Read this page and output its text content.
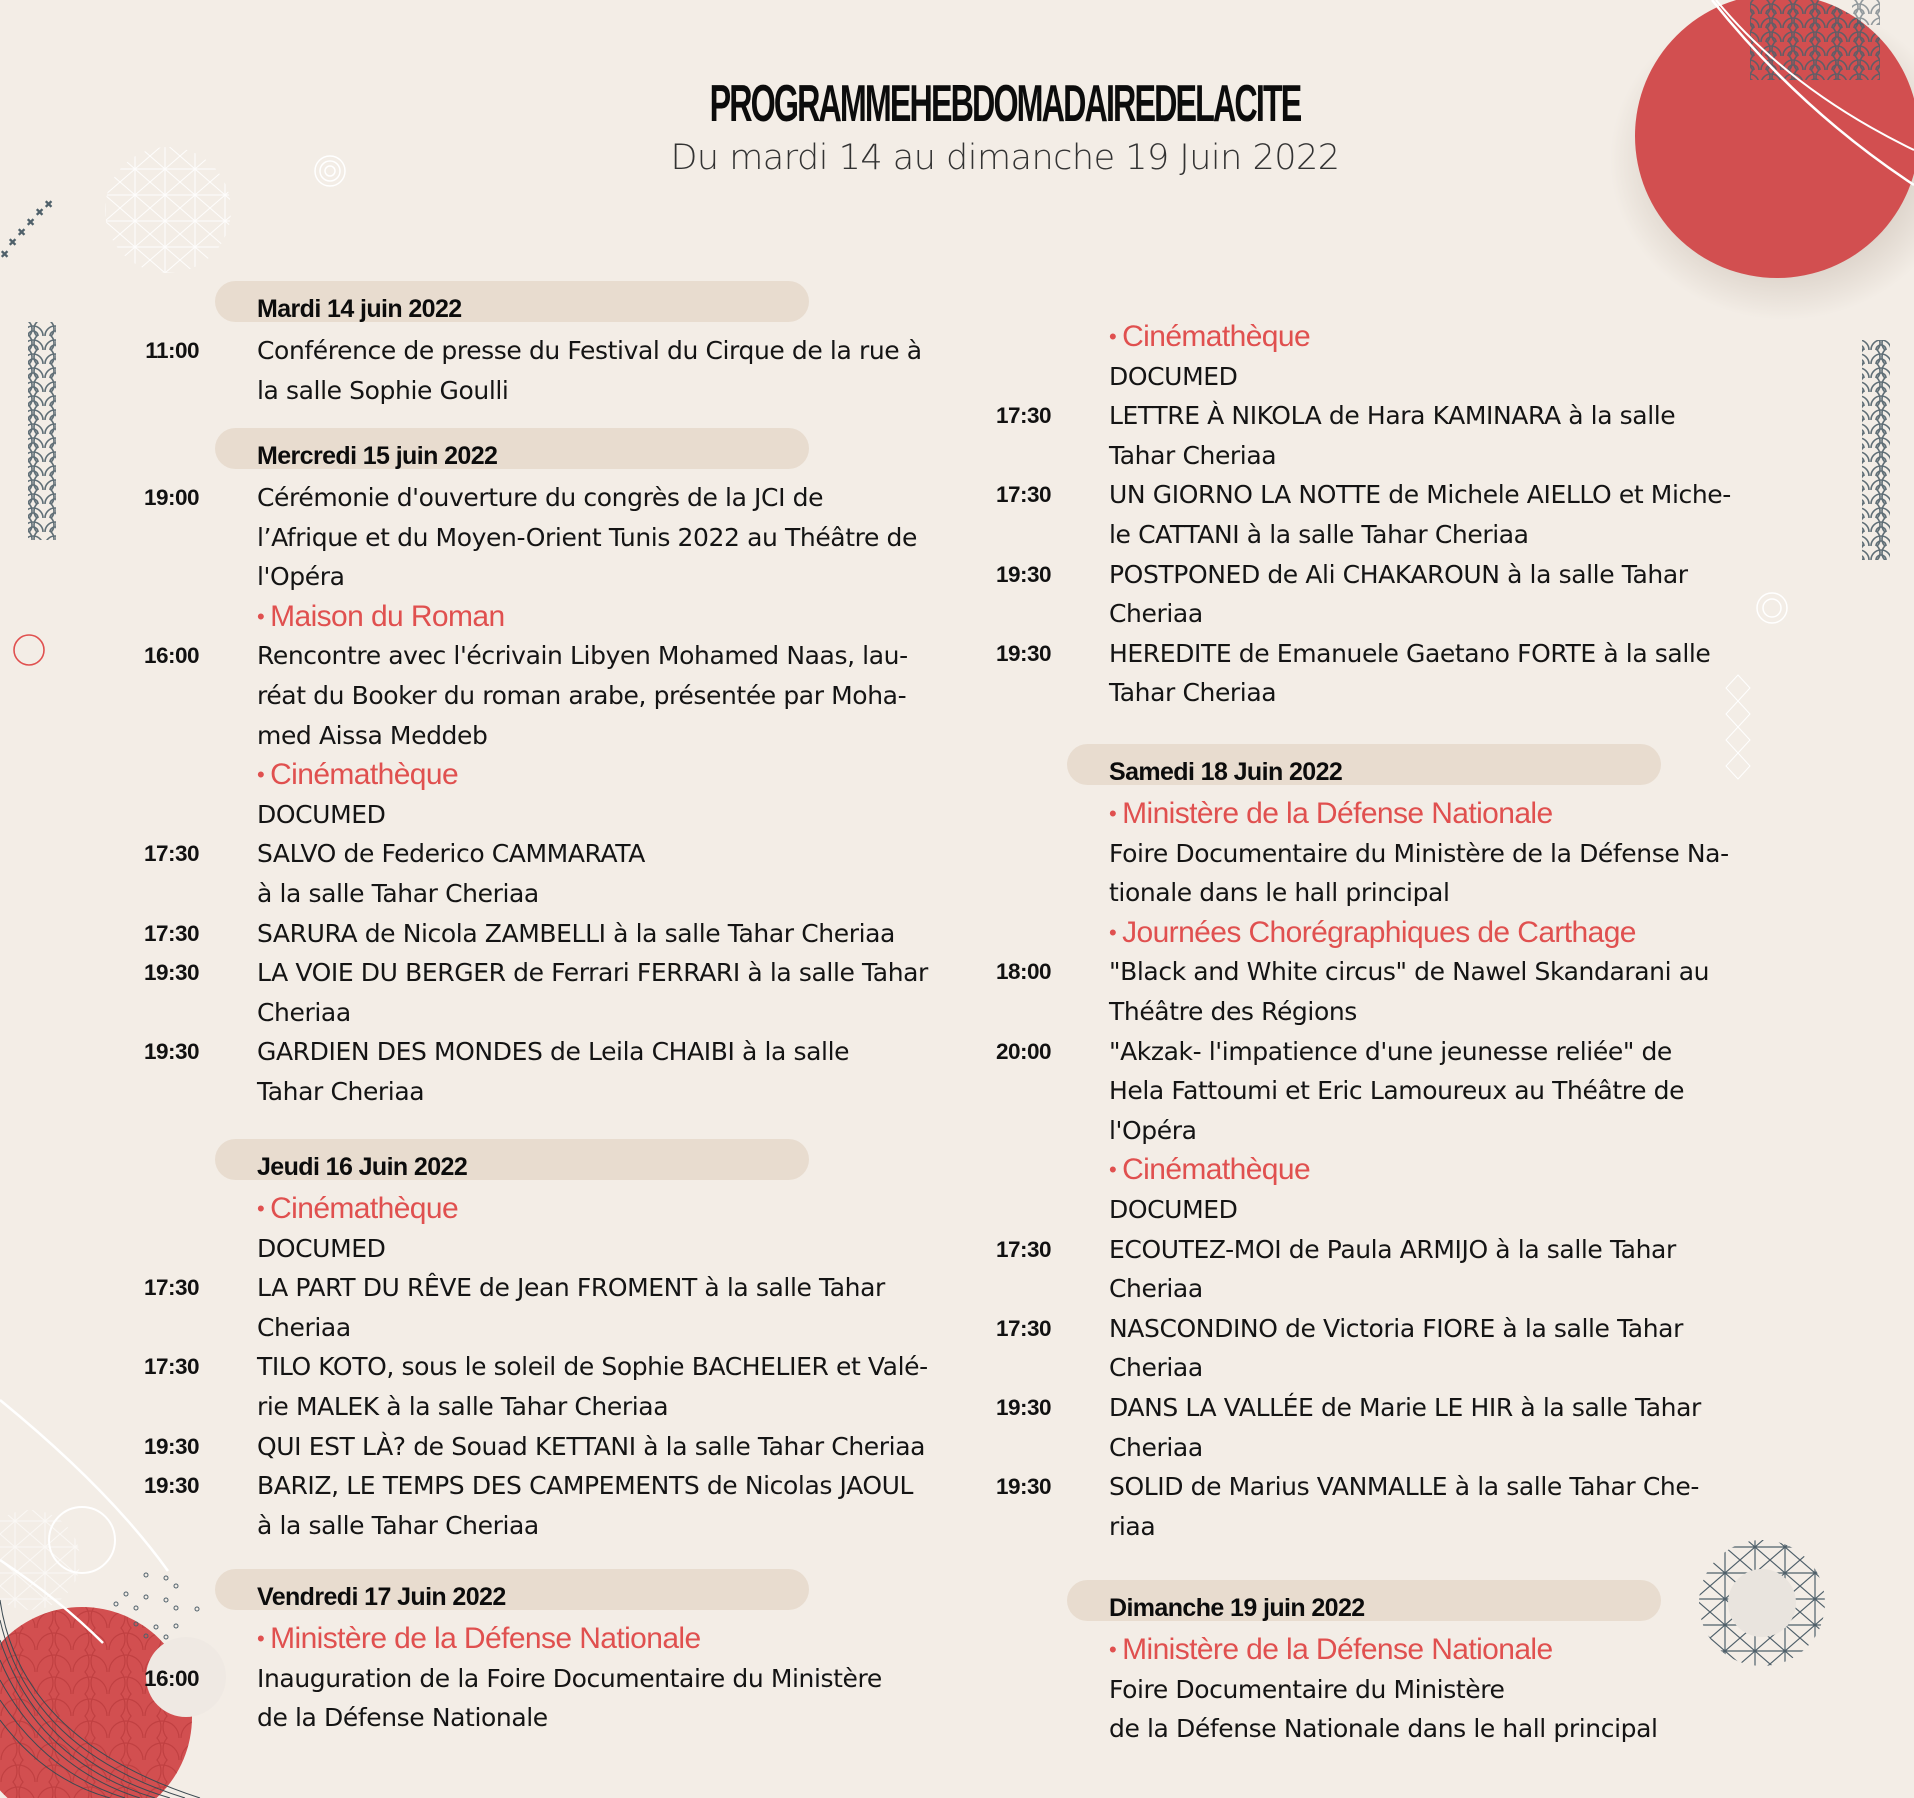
✖
✖
✖
✖
✖
✖
PROGRAMMEHEBDOMADAIREDELACITE
Du mardi 14 au dimanche 19 Juin 2022
Mardi 14 juin 2022
11:00 Conférence de presse du Festival du Cirque de la rue à
la salle Sophie Goulli
Mercredi 15 juin 2022
19:00 Cérémonie d'ouverture du congrès de la JCI de
l’Afrique et du Moyen-Orient Tunis 2022 au Théâtre de
l'Opéra
• Maison du Roman
16:00 Rencontre avec l'écrivain Libyen Mohamed Naas, lau-
réat du Booker du roman arabe, présentée par Moha-
med Aissa Meddeb
• Cinémathèque
DOCUMED
17:30 SALVO de Federico CAMMARATA
à la salle Tahar Cheriaa
17:30 SARURA de Nicola ZAMBELLI à la salle Tahar Cheriaa
19:30 LA VOIE DU BERGER de Ferrari FERRARI à la salle Tahar
Cheriaa
19:30 GARDIEN DES MONDES de Leila CHAIBI à la salle
Tahar Cheriaa
Jeudi 16 Juin 2022
• Cinémathèque
DOCUMED
17:30 LA PART DU RÊVE de Jean FROMENT à la salle Tahar
Cheriaa
17:30 TILO KOTO, sous le soleil de Sophie BACHELIER et Valé-
rie MALEK à la salle Tahar Cheriaa
19:30 QUI EST LÀ? de Souad KETTANI à la salle Tahar Cheriaa
19:30 BARIZ, LE TEMPS DES CAMPEMENTS de Nicolas JAOUL
à la salle Tahar Cheriaa
Vendredi 17 Juin 2022
• Ministère de la Défense Nationale
16:00 Inauguration de la Foire Documentaire du Ministère
de la Défense Nationale
• Cinémathèque
DOCUMED
17:30 LETTRE À NIKOLA de Hara KAMINARA à la salle
Tahar Cheriaa
17:30 UN GIORNO LA NOTTE de Michele AIELLO et Miche-
le CATTANI à la salle Tahar Cheriaa
19:30 POSTPONED de Ali CHAKAROUN à la salle Tahar
Cheriaa
19:30 HEREDITE de Emanuele Gaetano FORTE à la salle
Tahar Cheriaa
Samedi 18 Juin 2022
• Ministère de la Défense Nationale
Foire Documentaire du Ministère de la Défense Na-
tionale dans le hall principal
• Journées Chorégraphiques de Carthage
18:00 "Black and White circus" de Nawel Skandarani au
Théâtre des Régions
20:00 "Akzak- l'impatience d'une jeunesse reliée" de
Hela Fattoumi et Eric Lamoureux au Théâtre de
l'Opéra
• Cinémathèque
DOCUMED
17:30 ECOUTEZ-MOI de Paula ARMIJO à la salle Tahar
Cheriaa
17:30 NASCONDINO de Victoria FIORE à la salle Tahar
Cheriaa
19:30 DANS LA VALLÉE de Marie LE HIR à la salle Tahar
Cheriaa
19:30 SOLID de Marius VANMALLE à la salle Tahar Che-
riaa
Dimanche 19 juin 2022
• Ministère de la Défense Nationale
Foire Documentaire du Ministère
de la Défense Nationale dans le hall principal
